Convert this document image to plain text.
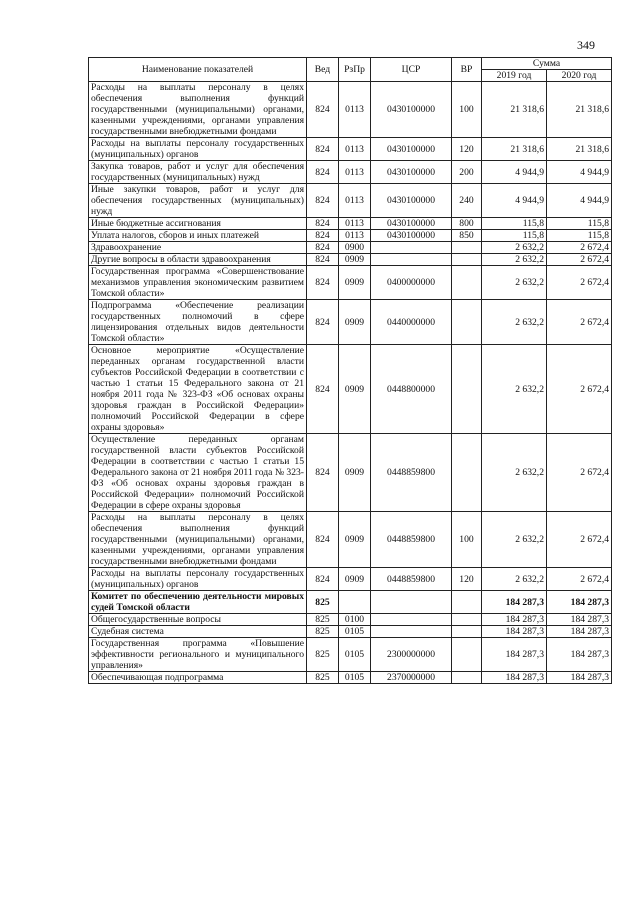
349
Наименование показателей	Вед	РзПр	ЦСР	ВР	Сумма	
					2019 год	2020 год
Расходы на выплаты персоналу в целях обеспечения выполнения функций государственными (муниципальными) органами, казенными учреждениями, органами управления государственными внебюджетными фондами	824	0113	0430100000	100	21 318,6	21 318,6
Расходы на выплаты персоналу государственных (муниципальных) органов	824	0113	0430100000	120	21 318,6	21 318,6
Закупка товаров, работ и услуг для обеспечения государственных (муниципальных) нужд	824	0113	0430100000	200	4 944,9	4 944,9
Иные закупки товаров, работ и услуг для обеспечения государственных (муниципальных) нужд	824	0113	0430100000	240	4 944,9	4 944,9
Иные бюджетные ассигнования	824	0113	0430100000	800	115,8	115,8
Уплата налогов, сборов и иных платежей	824	0113	0430100000	850	115,8	115,8
Здравоохранение	824	0900			2 632,2	2 672,4
Другие вопросы в области здравоохранения	824	0909			2 632,2	2 672,4
Государственная программа «Совершенствование механизмов управления экономическим развитием Томской области»	824	0909	0400000000		2 632,2	2 672,4
Подпрограмма «Обеспечение реализации государственных полномочий в сфере лицензирования отдельных видов деятельности Томской области»	824	0909	0440000000		2 632,2	2 672,4
Основное мероприятие «Осуществление переданных органам государственной власти субъектов Российской Федерации в соответствии с частью 1 статьи 15 Федерального закона от 21 ноября 2011 года № 323-ФЗ «Об основах охраны здоровья граждан в Российской Федерации» полномочий Российской Федерации в сфере охраны здоровья»	824	0909	0448800000		2 632,2	2 672,4
Осуществление переданных органам государственной власти субъектов Российской Федерации в соответствии с частью 1 статьи 15 Федерального закона от 21 ноября 2011 года № 323-ФЗ «Об основах охраны здоровья граждан в Российской Федерации» полномочий Российской Федерации в сфере охраны здоровья	824	0909	0448859800		2 632,2	2 672,4
Расходы на выплаты персоналу в целях обеспечения выполнения функций государственными (муниципальными) органами, казенными учреждениями, органами управления государственными внебюджетными фондами	824	0909	0448859800	100	2 632,2	2 672,4
Расходы на выплаты персоналу государственных (муниципальных) органов	824	0909	0448859800	120	2 632,2	2 672,4
Комитет по обеспечению деятельности мировых судей Томской области	825				184 287,3	184 287,3
Общегосударственные вопросы	825	0100			184 287,3	184 287,3
Судебная система	825	0105			184 287,3	184 287,3
Государственная программа «Повышение эффективности регионального и муниципального управления»	825	0105	2300000000		184 287,3	184 287,3
Обеспечивающая подпрограмма	825	0105	2370000000		184 287,3	184 287,3
